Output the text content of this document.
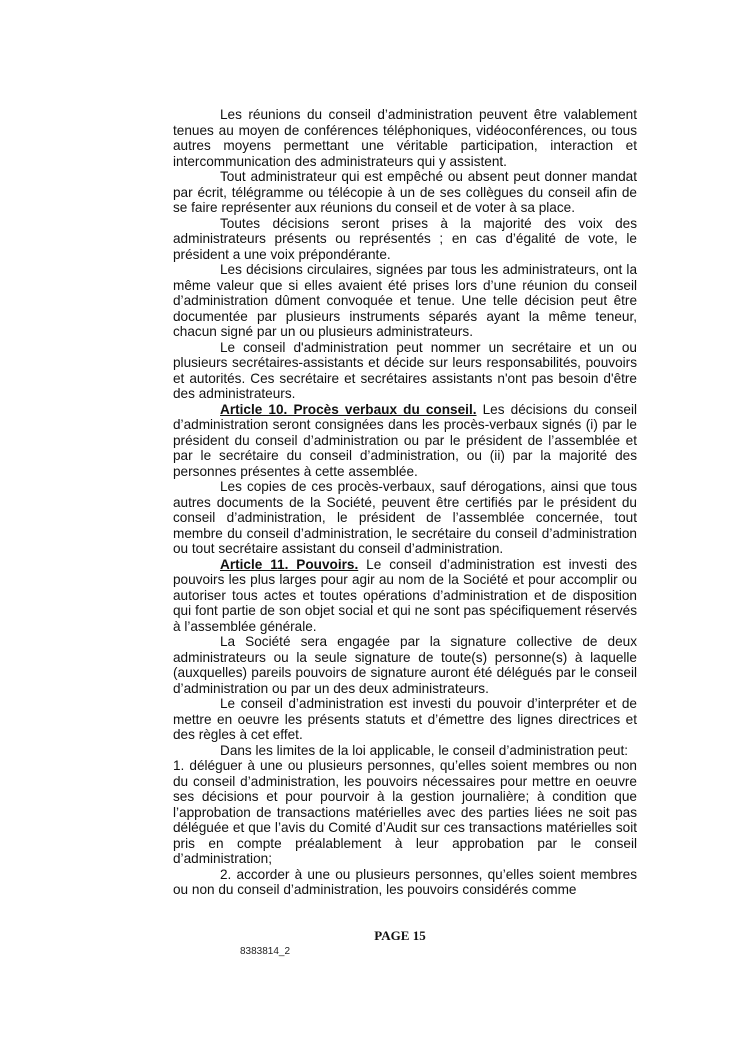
Les réunions du conseil d’administration peuvent être valablement tenues au moyen de conférences téléphoniques, vidéoconférences, ou tous autres moyens permettant une véritable participation, interaction et intercommunication des administrateurs qui y assistent.

Tout administrateur qui est empêché ou absent peut donner mandat par écrit, télégramme ou télécopie à un de ses collègues du conseil afin de se faire représenter aux réunions du conseil et de voter à sa place.

Toutes décisions seront prises à la majorité des voix des administrateurs présents ou représentés ; en cas d’égalité de vote, le président a une voix prépondérante.

Les décisions circulaires, signées par tous les administrateurs, ont la même valeur que si elles avaient été prises lors d’une réunion du conseil d’administration dûment convoquée et tenue. Une telle décision peut être documentée par plusieurs instruments séparés ayant la même teneur, chacun signé par un ou plusieurs administrateurs.

Le conseil d'administration peut nommer un secrétaire et un ou plusieurs secrétaires-assistants et décide sur leurs responsabilités, pouvoirs et autorités. Ces secrétaire et secrétaires assistants n'ont pas besoin d'être des administrateurs.

Article 10. Procès verbaux du conseil. Les décisions du conseil d’administration seront consignées dans les procès-verbaux signés (i) par le président du conseil d’administration ou par le président de l’assemblée et par le secrétaire du conseil d’administration, ou (ii) par la majorité des personnes présentes à cette assemblée.

Les copies de ces procès-verbaux, sauf dérogations, ainsi que tous autres documents de la Société, peuvent être certifiés par le président du conseil d’administration, le président de l’assemblée concernée, tout membre du conseil d’administration, le secrétaire du conseil d’administration ou tout secrétaire assistant du conseil d’administration.

Article 11. Pouvoirs. Le conseil d’administration est investi des pouvoirs les plus larges pour agir au nom de la Société et pour accomplir ou autoriser tous actes et toutes opérations d’administration et de disposition qui font partie de son objet social et qui ne sont pas spécifiquement réservés à l’assemblée générale.

La Société sera engagée par la signature collective de deux administrateurs ou la seule signature de toute(s) personne(s) à laquelle (auxquelles) pareils pouvoirs de signature auront été délégués par le conseil d’administration ou par un des deux administrateurs.

Le conseil d’administration est investi du pouvoir d’interpréter et de mettre en oeuvre les présents statuts et d’émettre des lignes directrices et des règles à cet effet.

Dans les limites de la loi applicable, le conseil d’administration peut:
1. déléguer à une ou plusieurs personnes, qu’elles soient membres ou non du conseil d’administration, les pouvoirs nécessaires pour mettre en oeuvre ses décisions et pour pourvoir à la gestion journalière; à condition que l’approbation de transactions matérielles avec des parties liées ne soit pas déléguée et que l’avis du Comité d’Audit sur ces transactions matérielles soit pris en compte préalablement à leur approbation par le conseil d’administration;

2. accorder à une ou plusieurs personnes, qu’elles soient membres ou non du conseil d’administration, les pouvoirs considérés comme

PAGE 15
8383814_2
